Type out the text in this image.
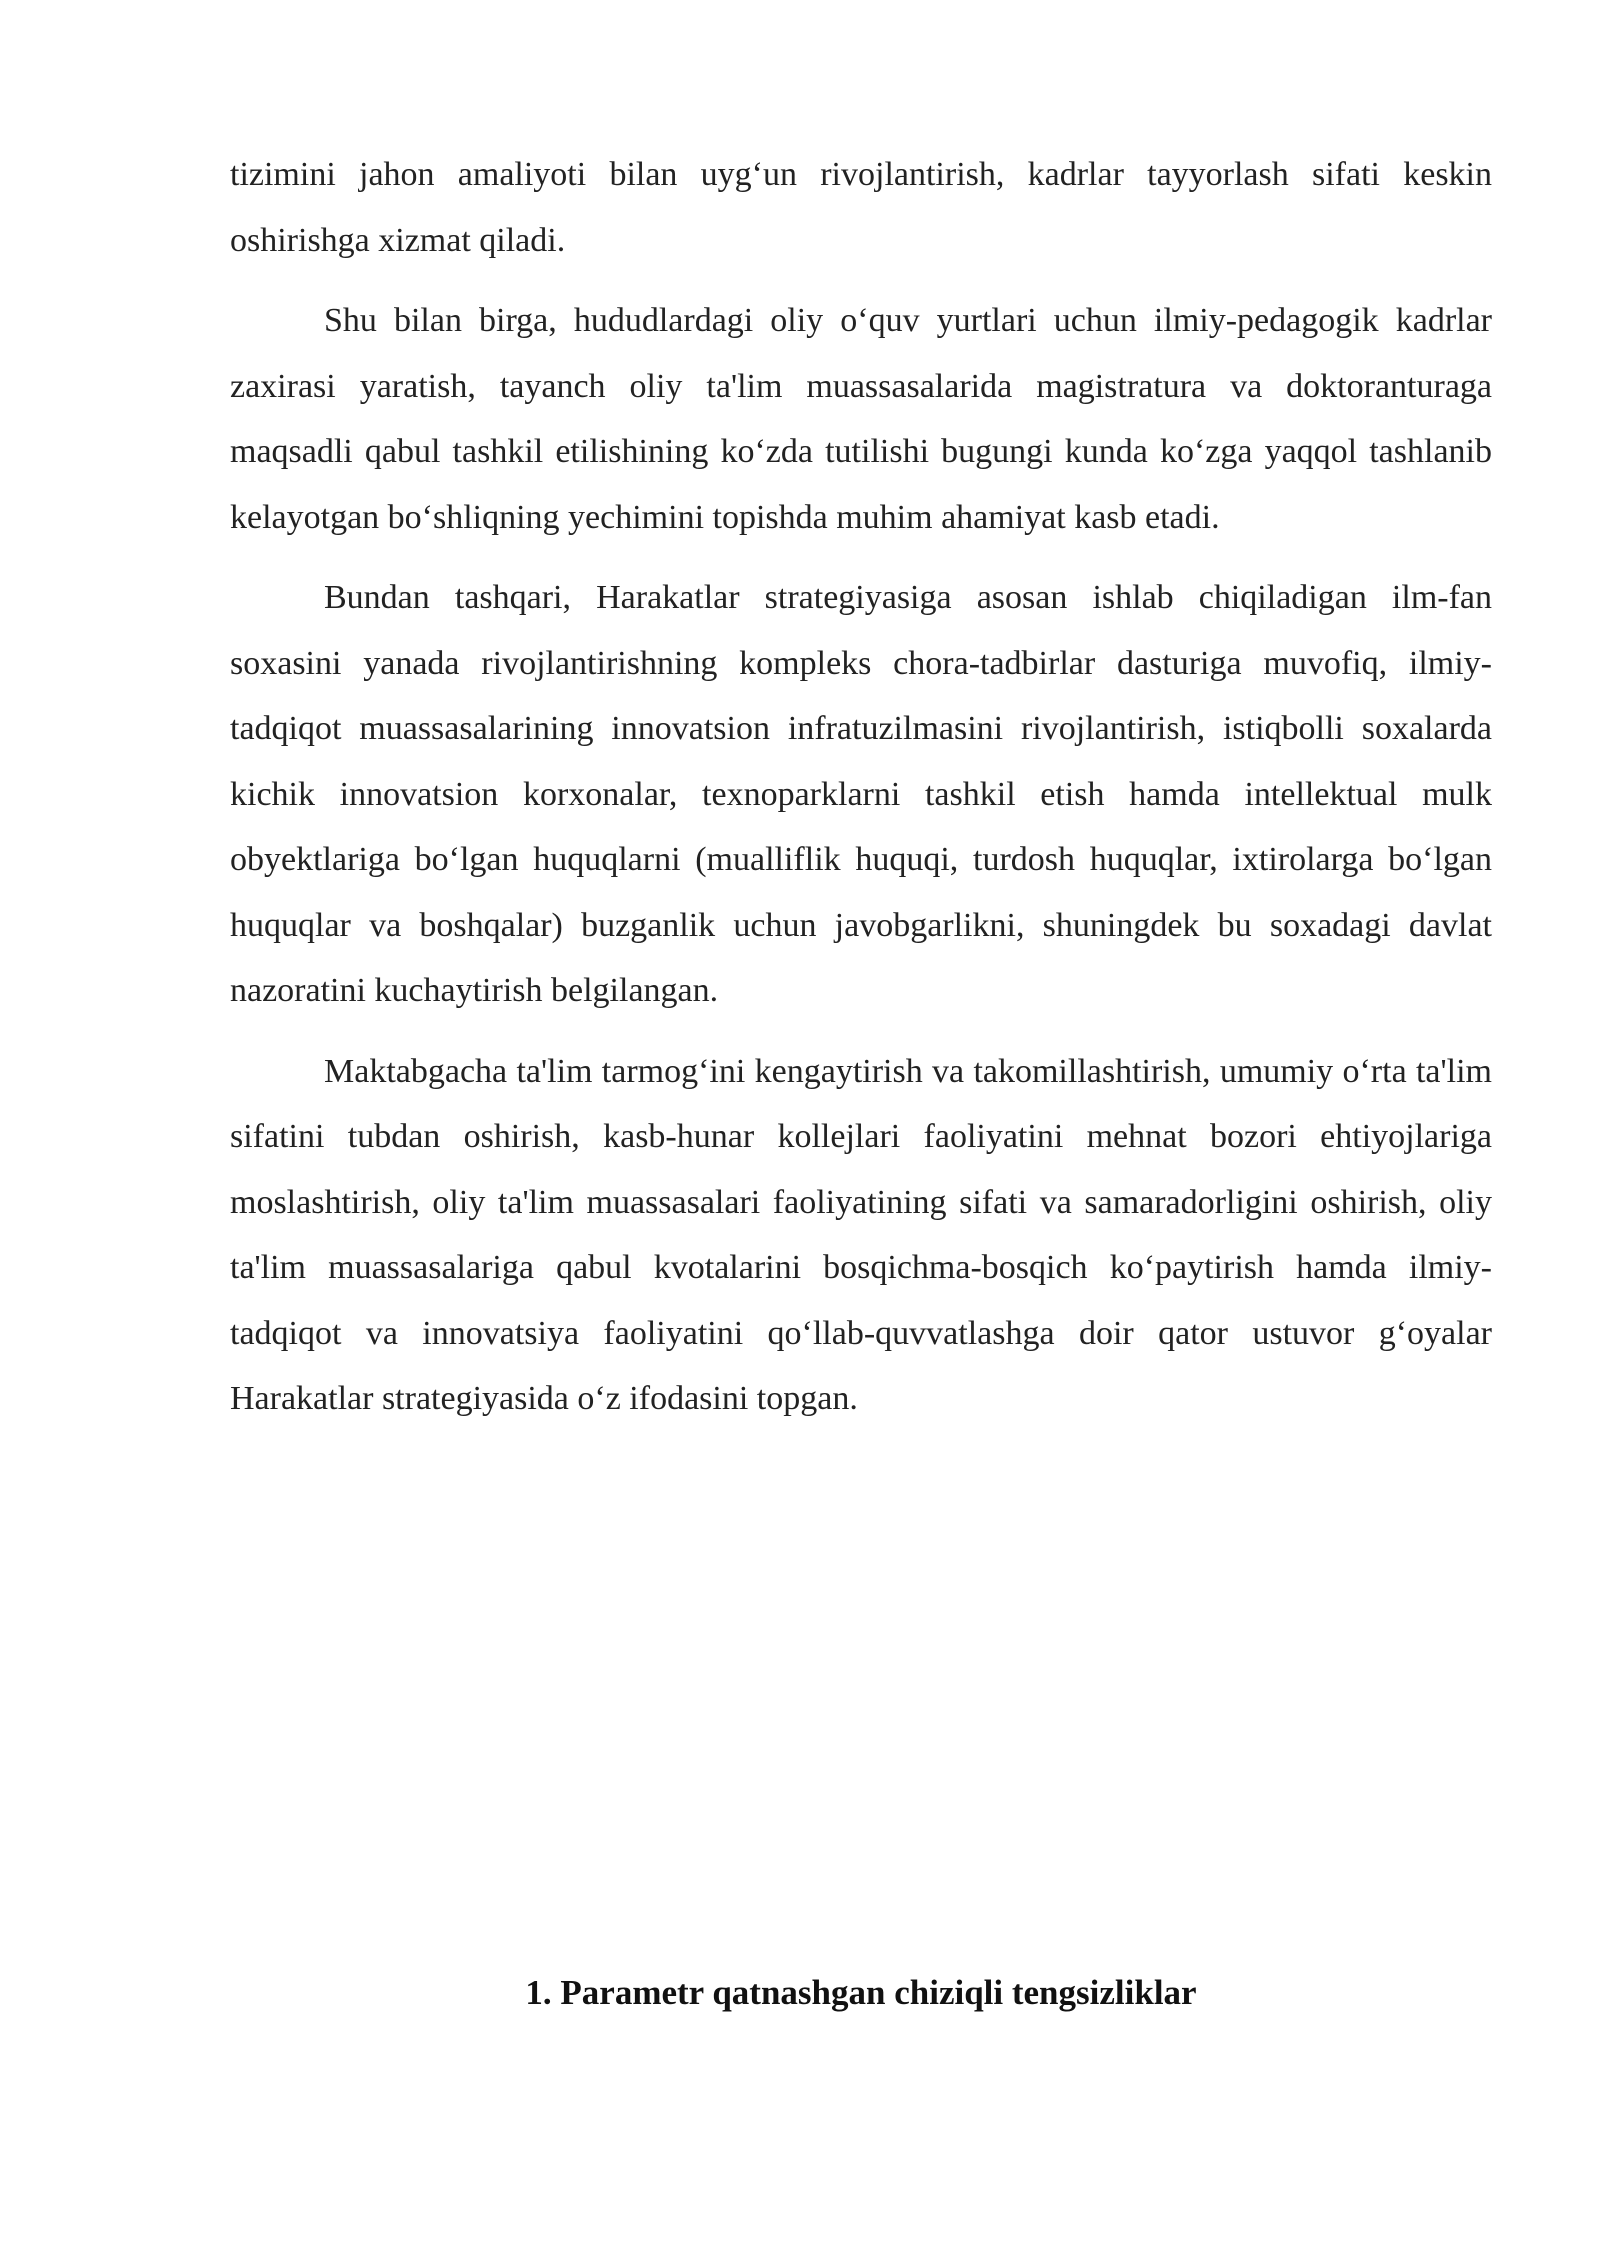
tizimini jahon amaliyoti bilan uyg‘un rivojlantirish, kadrlar tayyorlash sifati keskin oshirishga xizmat qiladi.

Shu bilan birga, hududlardagi oliy o‘quv yurtlari uchun ilmiy-pedagogik kadrlar zaxirasi yaratish, tayanch oliy ta'lim muassasalarida magistratura va doktoranturaga maqsadli qabul tashkil etilishining ko‘zda tutilishi bugungi kunda ko‘zga yaqqol tashlanib kelayotgan bo‘shliqning yechimini topishda muhim ahamiyat kasb etadi.

Bundan tashqari, Harakatlar strategiyasiga asosan ishlab chiqiladigan ilm-fan soxasini yanada rivojlantirishning kompleks chora-tadbirlar dasturiga muvofiq, ilmiy-tadqiqot muassasalarining innovatsion infratuzilmasini rivojlantirish, istiqbolli soxalarda kichik innovatsion korxonalar, texnoparklarni tashkil etish hamda intellektual mulk obyektlariga bo‘lgan huquqlarni (mualliflik huquqi, turdosh huquqlar, ixtirolarga bo‘lgan huquqlar va boshqalar) buzganlik uchun javobgarlikni, shuningdek bu soxadagi davlat nazoratini kuchaytirish belgilangan.

Maktabgacha ta'lim tarmog‘ini kengaytirish va takomillashtirish, umumiy o‘rta ta'lim sifatini tubdan oshirish, kasb-hunar kollejlari faoliyatini mehnat bozori ehtiyojlariga moslashtirish, oliy ta'lim muassasalari faoliyatining sifati va samaradorligini oshirish, oliy ta'lim muassasalariga qabul kvotalarini bosqichma-bosqich ko‘paytirish hamda ilmiy-tadqiqot va innovatsiya faoliyatini qo‘llab-quvvatlashga doir qator ustuvor g‘oyalar Harakatlar strategiyasida o‘z ifodasini topgan.

1. Parametr qatnashgan chiziqli tengsizliklar
